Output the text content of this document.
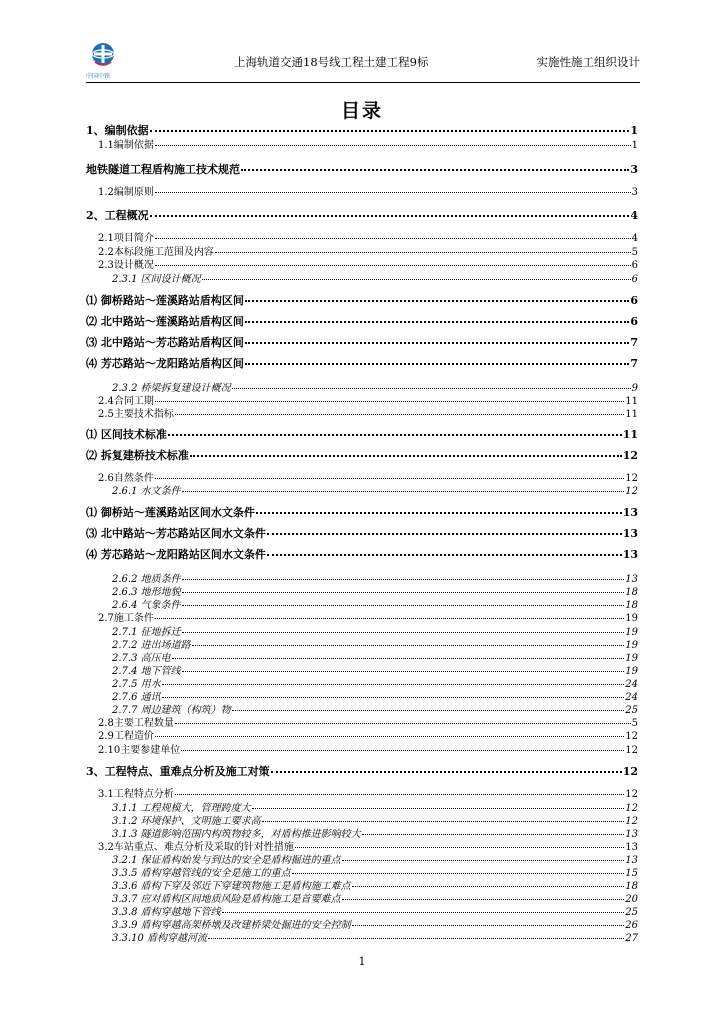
中国中铁
上海轨道交通18号线工程土建工程9标	实施性施工组织设计
目录
1、编制依据	1
1.1编制依据	1
地铁隧道工程盾构施工技术规范	3
1.2编制原则	3
2、工程概况	4
2.1项目简介	4
2.2本标段施工范围及内容	5
2.3设计概况	6
2.3.1 区间设计概况	6
⑴ 御桥路站～莲溪路站盾构区间	6
⑵ 北中路站～莲溪路站盾构区间	6
⑶ 北中路站～芳芯路站盾构区间	7
⑷ 芳芯路站～龙阳路站盾构区间	7
2.3.2 桥梁拆复建设计概况	9
2.4合同工期	11
2.5主要技术指标	11
⑴ 区间技术标准	11
⑵ 拆复建桥技术标准	12
2.6自然条件	12
2.6.1 水文条件	12
⑴ 御桥站～莲溪路站区间水文条件	13
⑶ 北中路站～芳芯路站区间水文条件	13
⑷ 芳芯路站～龙阳路站区间水文条件	13
2.6.2 地质条件	13
2.6.3 地形地貌	18
2.6.4 气象条件	18
2.7施工条件	19
2.7.1 征地拆迁	19
2.7.2 进出场道路	19
2.7.3 高压电	19
2.7.4 地下管线	19
2.7.5 用水	24
2.7.6 通讯	24
2.7.7 周边建筑（构筑）物	25
2.8主要工程数量	5
2.9工程造价	12
2.10主要参建单位	12
3、工程特点、重难点分析及施工对策	12
3.1工程特点分析	12
3.1.1 工程规模大，管理跨度大	12
3.1.2 环境保护、文明施工要求高	12
3.1.3 隧道影响范围内构筑物较多，对盾构推进影响较大	13
3.2车站重点、难点分析及采取的针对性措施	13
3.2.1 保证盾构始发与到达的安全是盾构掘进的重点	13
3.3.5 盾构穿越管线的安全是施工的重点	15
3.3.6 盾构下穿及邻近下穿建筑物施工是盾构施工难点	18
3.3.7 应对盾构区间地质风险是盾构施工是首要难点	20
3.3.8 盾构穿越地下管线	25
3.3.9 盾构穿越高架桥墩及改建桥梁处掘进的安全控制	26
3.3.10 盾构穿越河流	27
1
